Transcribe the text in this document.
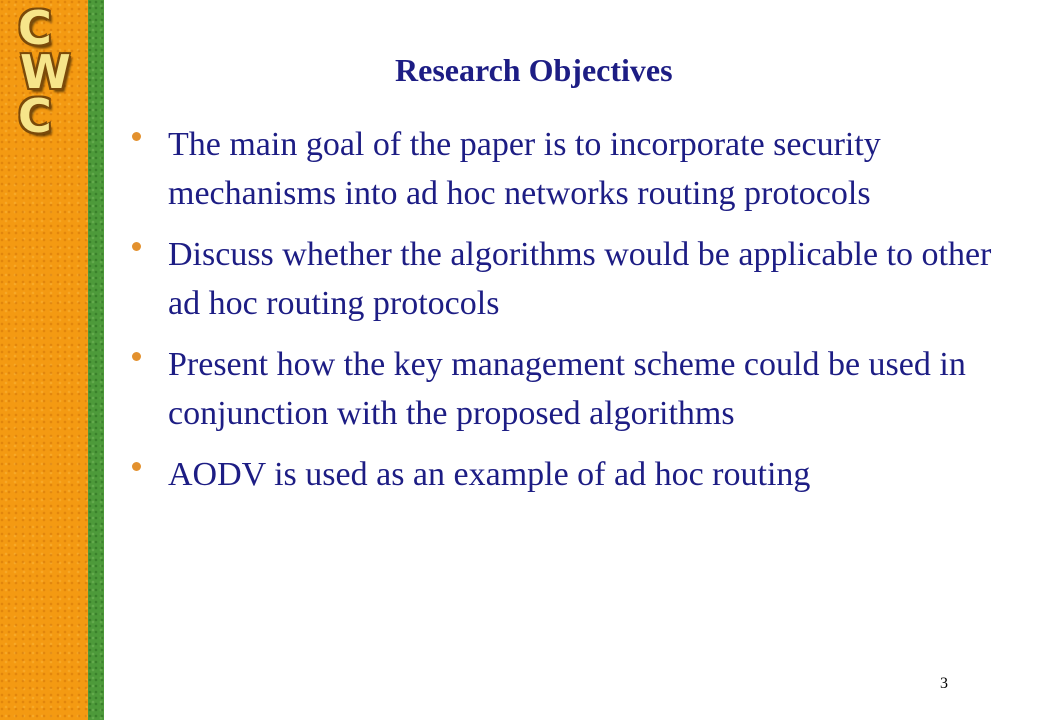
C
W
C
Research Objectives
The main goal of the paper is to incorporate security mechanisms into ad hoc networks routing protocols
Discuss whether the algorithms would be applicable to other ad hoc routing protocols
Present how the key management scheme could be used in conjunction with the proposed algorithms
AODV is used as an example of ad hoc routing
3
